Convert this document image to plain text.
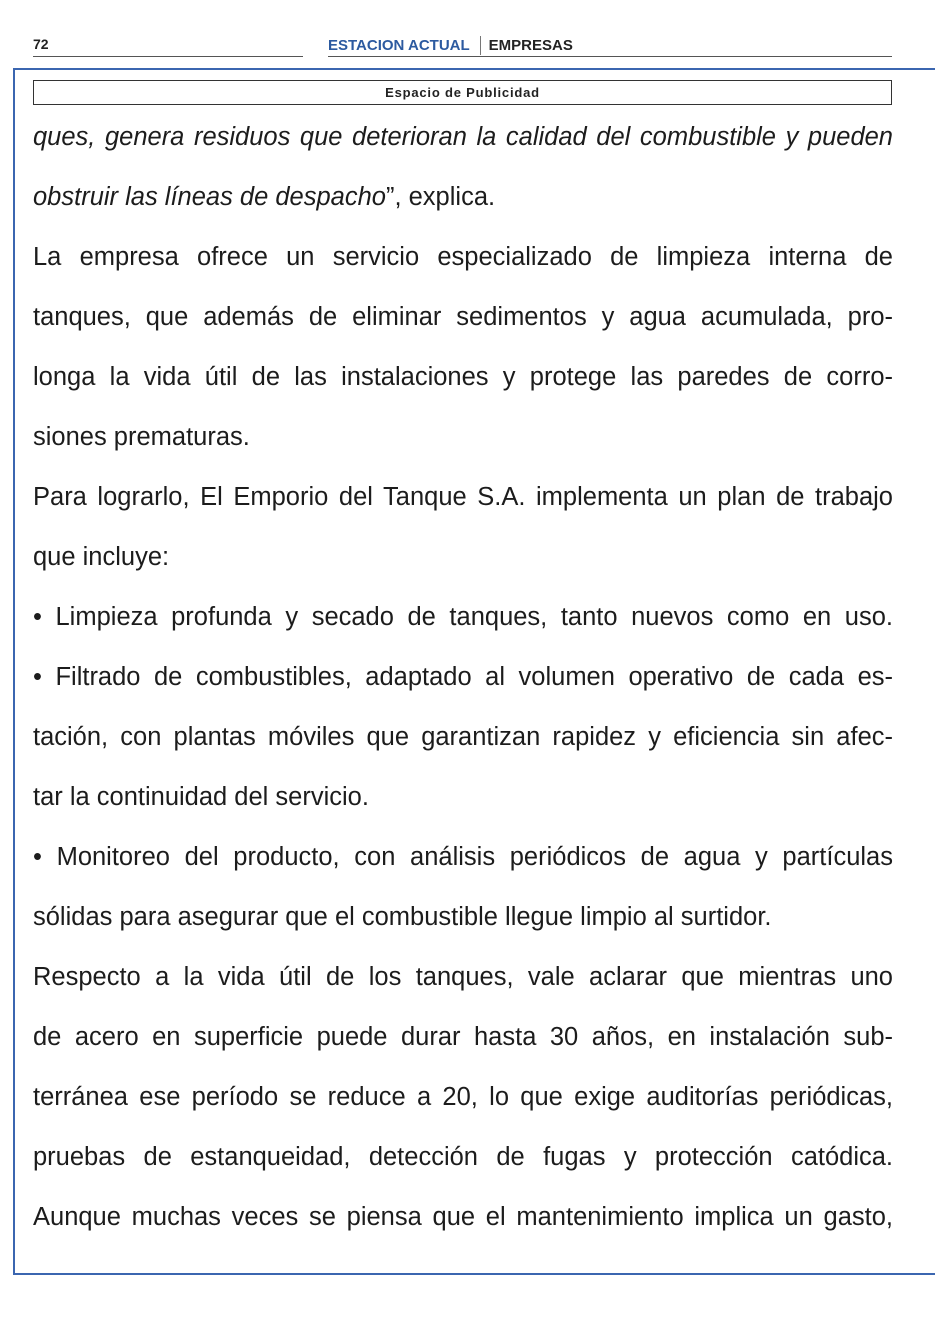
72	ESTACION ACTUAL EMPRESAS
Espacio de Publicidad
ques, genera residuos que deterioran la calidad del combustible y pueden
obstruir las líneas de despacho”, explica.
La empresa ofrece un servicio especializado de limpieza interna de
tanques, que además de eliminar sedimentos y agua acumulada, pro-
longa la vida útil de las instalaciones y protege las paredes de corro-
siones prematuras.
Para lograrlo, El Emporio del Tanque S.A. implementa un plan de trabajo
que incluye:
• Limpieza profunda y secado de tanques, tanto nuevos como en uso.
• Filtrado de combustibles, adaptado al volumen operativo de cada es-
tación, con plantas móviles que garantizan rapidez y eficiencia sin afec-
tar la continuidad del servicio.
• Monitoreo del producto, con análisis periódicos de agua y partículas
sólidas para asegurar que el combustible llegue limpio al surtidor.
Respecto a la vida útil de los tanques, vale aclarar que mientras uno
de acero en superficie puede durar hasta 30 años, en instalación sub-
terránea ese período se reduce a 20, lo que exige auditorías periódicas,
pruebas de estanqueidad, detección de fugas y protección catódica.
Aunque muchas veces se piensa que el mantenimiento implica un gasto,
